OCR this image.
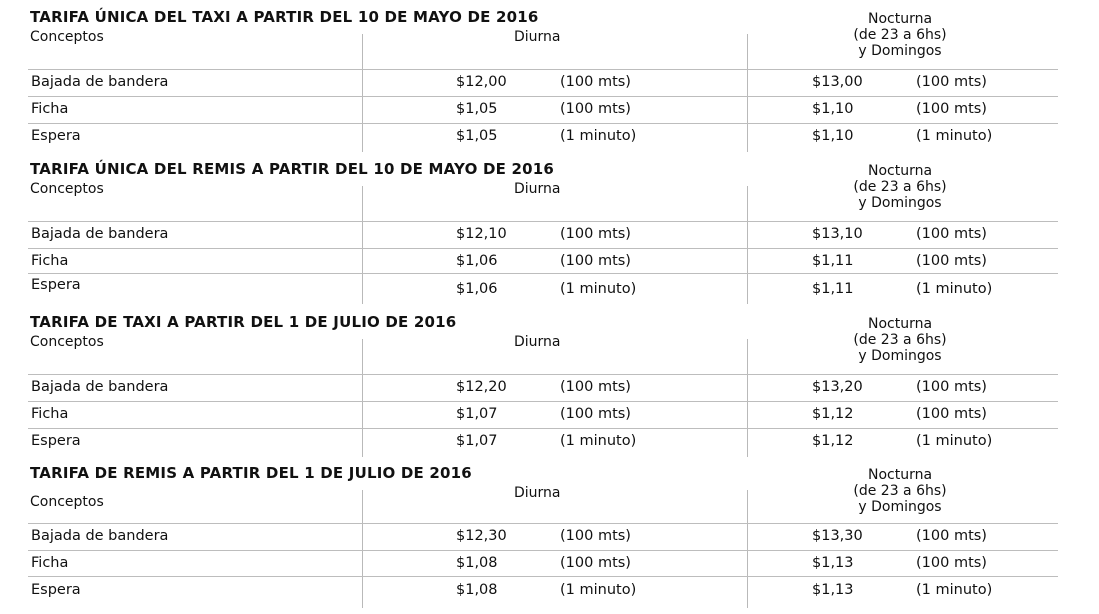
TARIFA ÚNICA DEL TAXI A PARTIR DEL 10 DE MAYO DE 2016
Conceptos	Diurna
Nocturna
(de 23 a 6hs)
y Domingos
Bajada de bandera	$12,00	(100 mts)	$13,00	(100 mts)
Ficha	$1,05	(100 mts)	$1,10	(100 mts)
Espera	$1,05	(1 minuto)	$1,10	(1 minuto)
TARIFA ÚNICA DEL REMIS A PARTIR DEL 10 DE MAYO DE 2016
Conceptos	Diurna
Nocturna
(de 23 a 6hs)
y Domingos
Bajada de bandera	$12,10	(100 mts)	$13,10	(100 mts)
Ficha	$1,06	(100 mts)	$1,11	(100 mts)
Espera	$1,06	(1 minuto)	$1,11	(1 minuto)
TARIFA DE TAXI A PARTIR DEL 1 DE JULIO DE 2016
Conceptos	Diurna
Nocturna
(de 23 a 6hs)
y Domingos
Bajada de bandera	$12,20	(100 mts)	$13,20	(100 mts)
Ficha	$1,07	(100 mts)	$1,12	(100 mts)
Espera	$1,07	(1 minuto)	$1,12	(1 minuto)
TARIFA DE REMIS A PARTIR DEL 1 DE JULIO DE 2016
Conceptos
Diurna
Nocturna
(de 23 a 6hs)
y Domingos
Bajada de bandera	$12,30	(100 mts)	$13,30	(100 mts)
Ficha	$1,08	(100 mts)	$1,13	(100 mts)
Espera	$1,08	(1 minuto)	$1,13	(1 minuto)
